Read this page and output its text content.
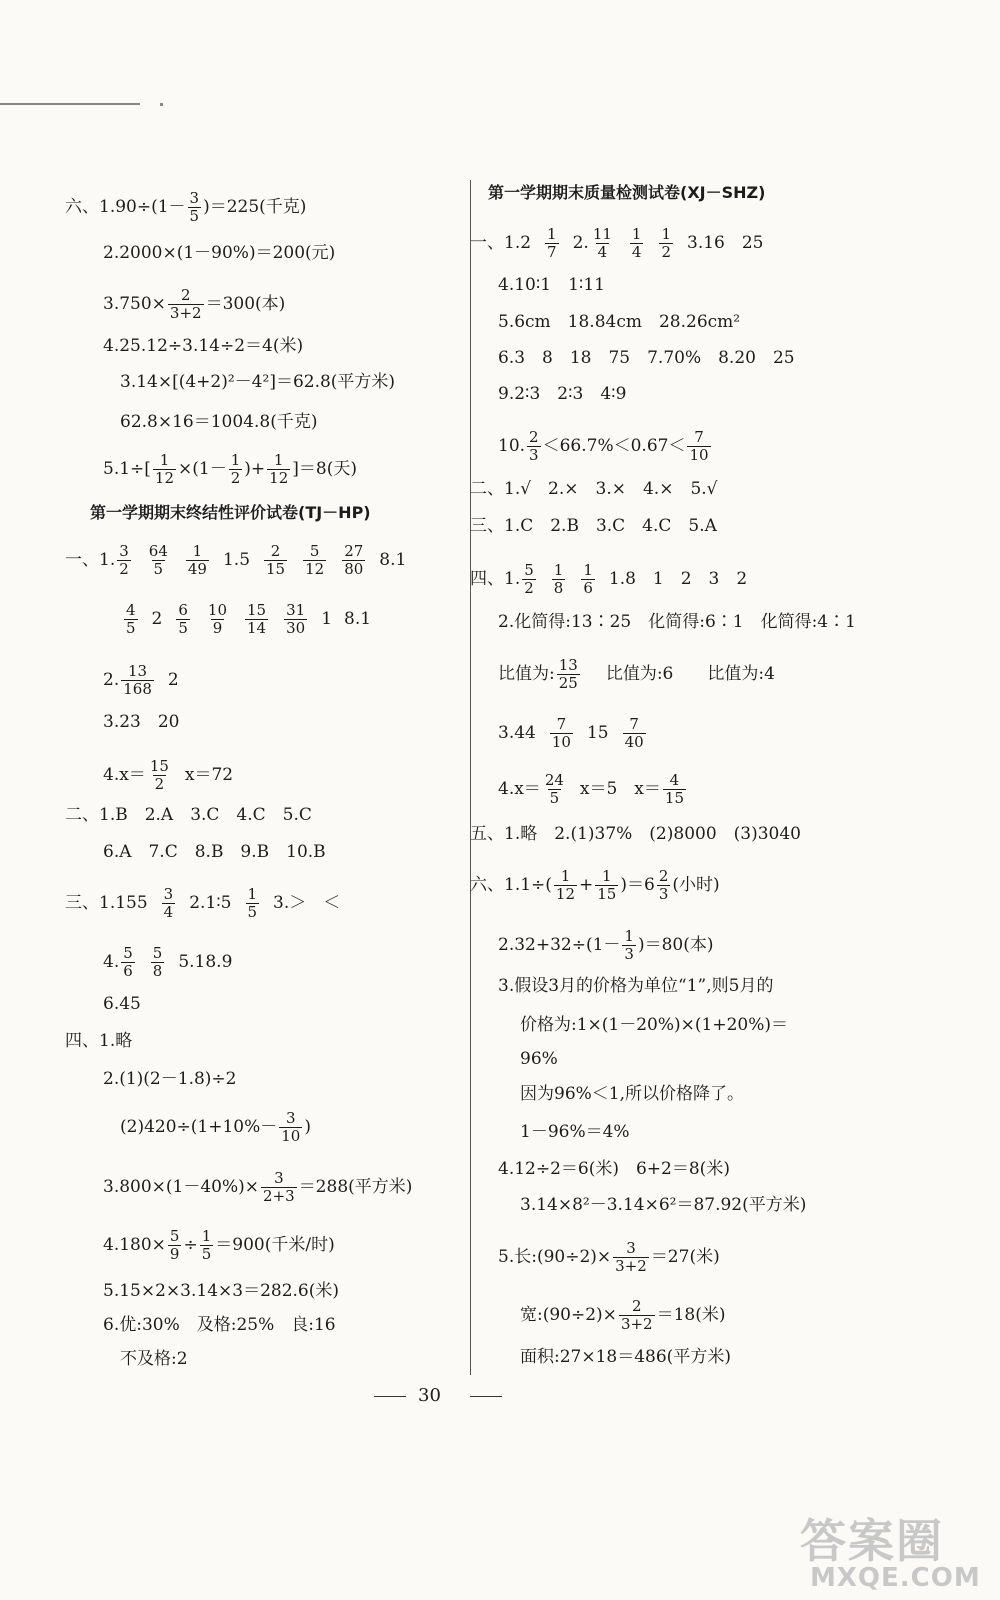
六、$1.90\div(1- \frac{3}{5} )=225$(千克)
2.2000×(1－90%)＝200(元)
$3.750\times \frac{2}{3+2} =300$(本)
4.25.12÷3.14÷2＝4(米)
3.14×[(4+2)²－4²]＝62.8(平方米)
62.8×16＝1004.8(千克)
$5.1\div[ \frac{1}{12} \times(1- \frac{1}{2}$ )+ $\frac{1}{12} ]=8$(天)
第一学期期末终结性评价试卷(TJ－HP)
一、1. $\frac{3}{2} \frac{64}{5} \frac{1}{49} 1.5 \frac{2}{15} \frac{5}{12} \frac{27}{80} 8.1$
$\frac{4}{5} 2 \frac{6}{5} \frac{10}{9} \frac{15}{14} \frac{31}{30} 1$ 8.1
2. $\frac{13}{168} 2$
3.23　20
$4.x= \frac{15}{2} x=72$
二、1.B　2.A　3.C　4.C　5.C
6.A　7.C　8.B　9.B　10.B
三、$1.155 \frac{3}{4}$ 2.1∶5 $\frac{1}{5} 3.>$　＜
4. $\frac{5}{6} \frac{5}{8} 5.18.9$
6.45
四、1.略
2.(1)(2－1.8)÷2
$(2)420\div(1+10\%- \frac{3}{10}$ )
$3.800\times(1-40\%)\times \frac{3}{2+3} =288$(平方米)
$4.180\times \frac{5}{9} \div \frac{1}{5} =900$(千米/时)
5.15×2×3.14×3＝282.6(米)
6.优:30%　及格:25%　良:16
不及格:2
第一学期期末质量检测试卷(XJ－SHZ)
一、$1.2 \frac{1}{7} 2$. $\frac{11}{4} \frac{1}{4} \frac{1}{2} 3.16$　25
4.10∶1　1∶11
5.6cm　18.84cm　28.26cm²
6.3　8　18　75　7.70%　8.20　25
9.2∶3　2∶3　4∶9
10. $\frac{2}{3} <66.7\%<0.67< \frac{7}{10}$
二、1.√　2.×　3.×　4.×　5.√
三、1.C　2.B　3.C　4.C　5.A
四、1. $\frac{5}{2} \frac{1}{8} \frac{1}{6} 1.8$　1　2　3　2
2.化简得:13∶25　化简得:6∶1　化简得:4∶1
比值为: $\frac{13}{25}$ 比值为:6　　比值为:4
$3.44 \frac{7}{10} 15 \frac{7}{40}$
$4.x= \frac{24}{5} x=5$　$x= \frac{4}{15}$
五、1.略　2.(1)37%　(2)8000　(3)3040
六、$1.1\div( \frac{1}{12} + \frac{1}{15} )=6 \frac{2}{3}$ (小时)
$2.32+32\div(1- \frac{1}{3} )=80$(本)
3.假设3月的价格为单位“1”,则5月的
价格为:1×(1－20%)×(1+20%)＝
96%
因为96%＜1,所以价格降了。
1－96%＝4%
4.12÷2＝6(米)　6+2＝8(米)
3.14×8²－3.14×6²＝87.92(平方米)
5.长:(90÷2)× $\frac{3}{3+2} =27$(米)
宽:(90÷2)× $\frac{2}{3+2} =18$(米)
面积:27×18＝486(平方米)
30
答案圈
MXQE.COM
